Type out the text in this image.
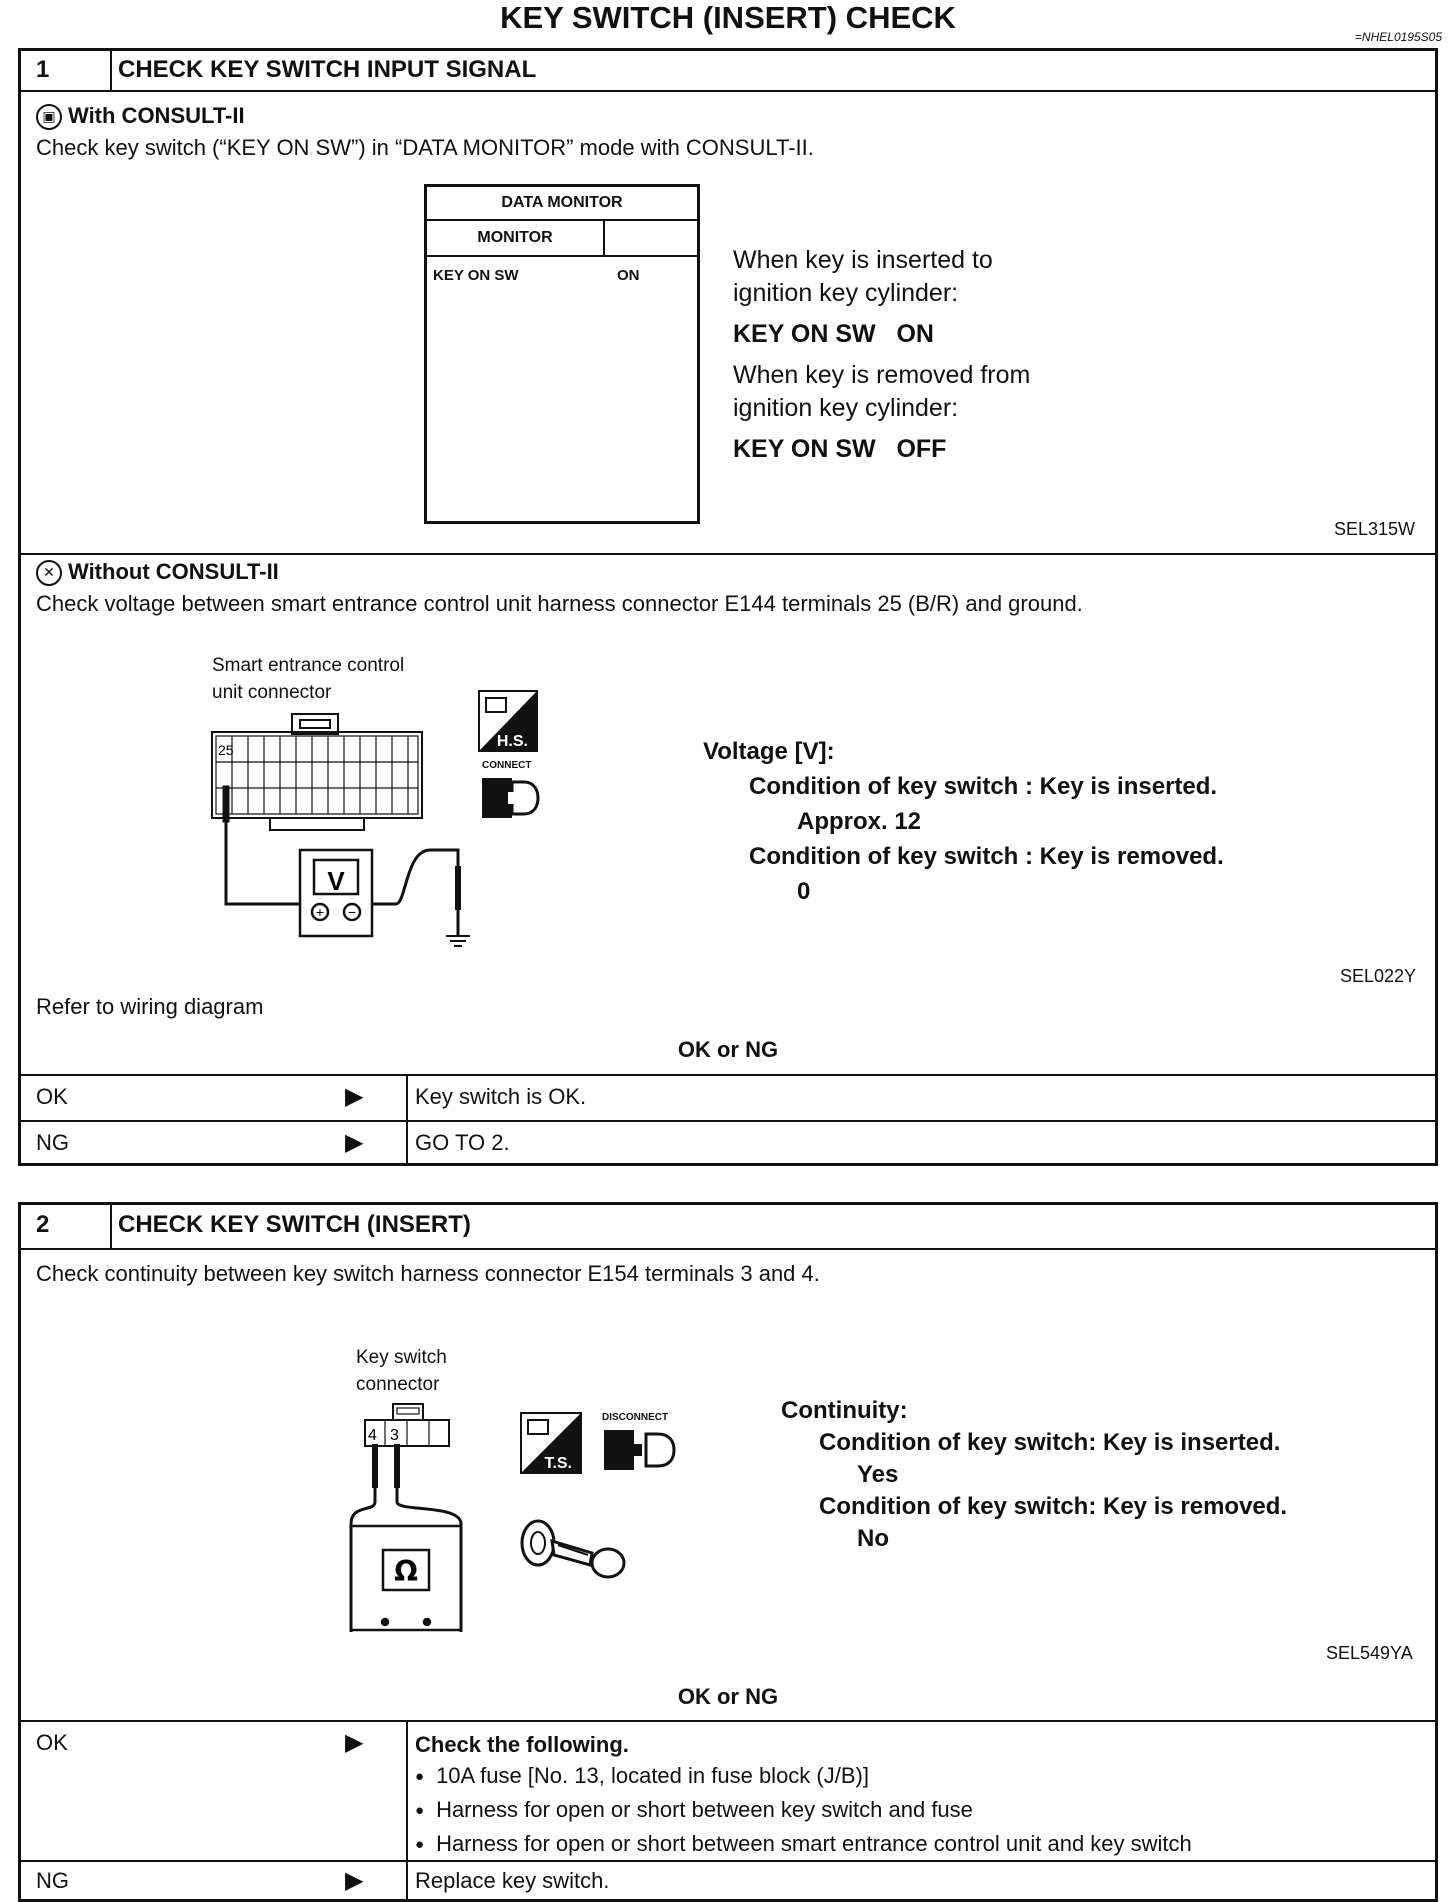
KEY SWITCH (INSERT) CHECK
=NHEL0195S05
1	CHECK KEY SWITCH INPUT SIGNAL
▣ With CONSULT-II
Check key switch (“KEY ON SW”) in “DATA MONITOR” mode with CONSULT-II.
DATA MONITOR
MONITOR
KEY ON SW	ON
When key is inserted to
ignition key cylinder:
KEY ON SW   ON
When key is removed from
ignition key cylinder:
KEY ON SW   OFF
SEL315W
✕ Without CONSULT-II
Check voltage between smart entrance control unit harness connector E144 terminals 25 (B/R) and ground.
Smart entrance control
unit connector
25
V
+ −
H.S.
CONNECT
Voltage [V]:
Condition of key switch : Key is inserted.
Approx. 12
Condition of key switch : Key is removed.
0
SEL022Y
Refer to wiring diagram
OK or NG
OK	▶ Key switch is OK.
NG	▶ GO TO 2.
2	CHECK KEY SWITCH (INSERT)
Check continuity between key switch harness connector E154 terminals 3 and 4.
Key switch
connector
4 3
Ω
T.S.
DISCONNECT	Continuity:
Condition of key switch: Key is inserted.
Yes
Condition of key switch: Key is removed.
No
SEL549YA
OK or NG
OK	▶ Check the following.
● 10A fuse [No. 13, located in fuse block (J/B)]
● Harness for open or short between key switch and fuse
● Harness for open or short between smart entrance control unit and key switch
NG	▶ Replace key switch.
